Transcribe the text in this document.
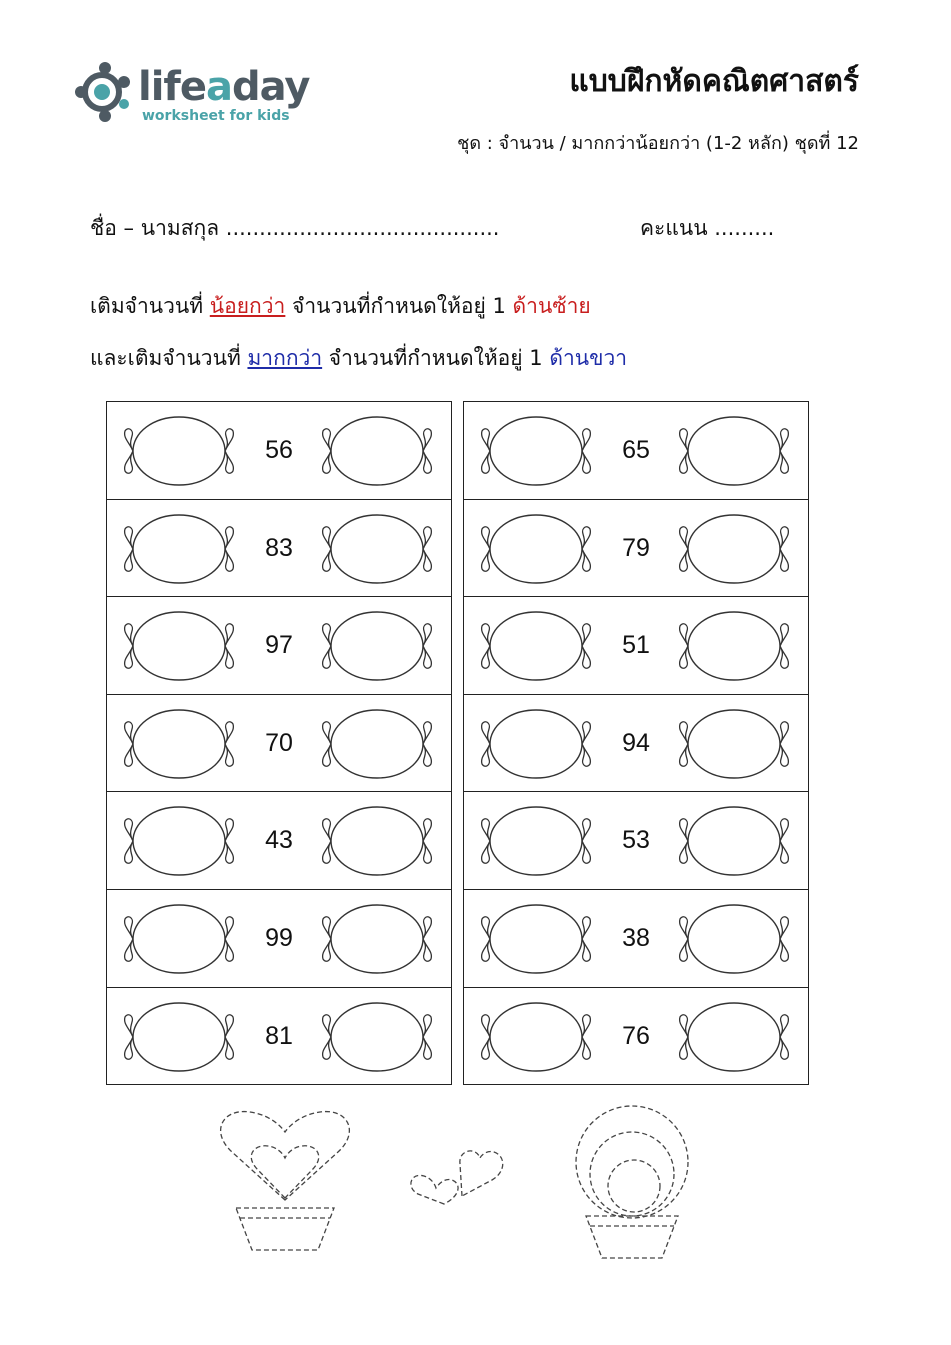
lifeaday
worksheet for kids
แบบฝึกหัดคณิตศาสตร์
ชุด : จำนวน / มากกว่าน้อยกว่า (1-2 หลัก) ชุดที่ 12
ชื่อ – นามสกุล .........................................	คะแนน .........
เติมจำนวนที่ น้อยกว่า จำนวนที่กำหนดให้อยู่ 1 ด้านซ้าย
และเติมจำนวนที่ มากกว่า จำนวนที่กำหนดให้อยู่ 1 ด้านขวา
56
83
97
70
43
99
81
65
79
51
94
53
38
76
